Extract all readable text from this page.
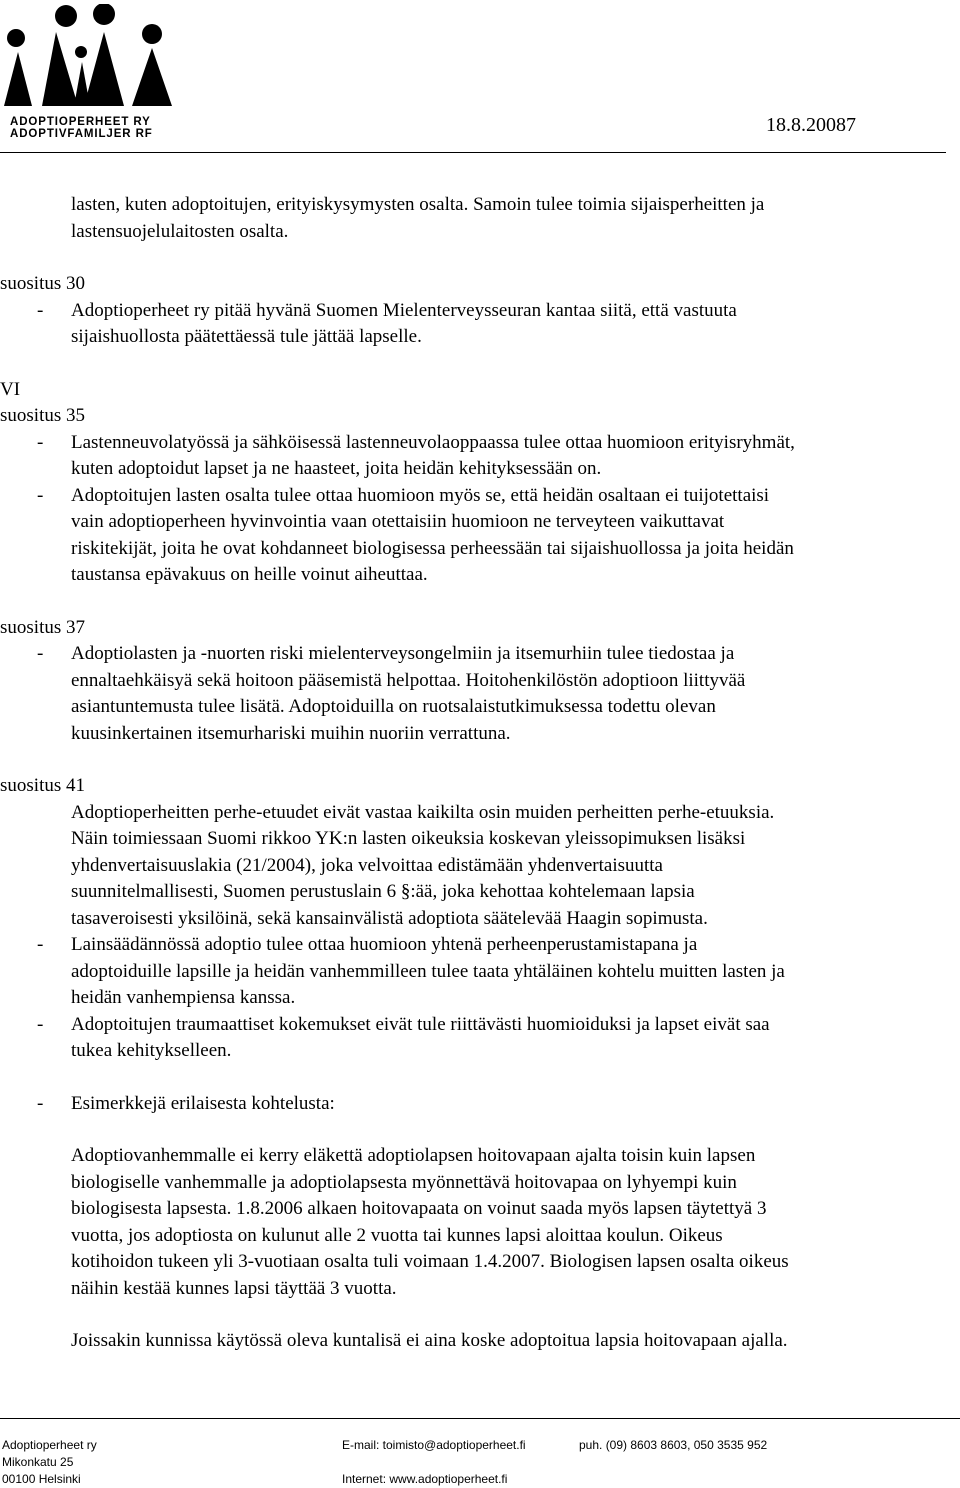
ADOPTIOPERHEET RY
ADOPTIVFAMILJER RF	18.8.20087
lasten, kuten adoptoitujen, erityiskysymysten osalta. Samoin tulee toimia sijaisperheitten ja
lastensuojelulaitosten osalta.
suositus 30
- Adoptioperheet ry pitää hyvänä Suomen Mielenterveysseuran kantaa siitä, että vastuuta
sijaishuollosta päätettäessä tule jättää lapselle.
VI
suositus 35
- Lastenneuvolatyössä ja sähköisessä lastenneuvolaoppaassa tulee ottaa huomioon erityisryhmät,
kuten adoptoidut lapset ja ne haasteet, joita heidän kehityksessään on.
- Adoptoitujen lasten osalta tulee ottaa huomioon myös se, että heidän osaltaan ei tuijotettaisi
vain adoptioperheen hyvinvointia vaan otettaisiin huomioon ne terveyteen vaikuttavat
riskitekijät, joita he ovat kohdanneet biologisessa perheessään tai sijaishuollossa ja joita heidän
taustansa epävakuus on heille voinut aiheuttaa.
suositus 37
- Adoptiolasten ja -nuorten riski mielenterveysongelmiin ja itsemurhiin tulee tiedostaa ja
ennaltaehkäisyä sekä hoitoon pääsemistä helpottaa. Hoitohenkilöstön adoptioon liittyvää
asiantuntemusta tulee lisätä. Adoptoiduilla on ruotsalaistutkimuksessa todettu olevan
kuusinkertainen itsemurhariski muihin nuoriin verrattuna.
suositus 41
Adoptioperheitten perhe-etuudet eivät vastaa kaikilta osin muiden perheitten perhe-etuuksia.
Näin toimiessaan Suomi rikkoo YK:n lasten oikeuksia koskevan yleissopimuksen lisäksi
yhdenvertaisuuslakia (21/2004), joka velvoittaa edistämään yhdenvertaisuutta
suunnitelmallisesti, Suomen perustuslain 6 §:ää, joka kehottaa kohtelemaan lapsia
tasaveroisesti yksilöinä, sekä kansainvälistä adoptiota säätelevää Haagin sopimusta.
- Lainsäädännössä adoptio tulee ottaa huomioon yhtenä perheenperustamistapana ja
adoptoiduille lapsille ja heidän vanhemmilleen tulee taata yhtäläinen kohtelu muitten lasten ja
heidän vanhempiensa kanssa.
- Adoptoitujen traumaattiset kokemukset eivät tule riittävästi huomioiduksi ja lapset eivät saa
tukea kehitykselleen.
- Esimerkkejä erilaisesta kohtelusta:
Adoptiovanhemmalle ei kerry eläkettä adoptiolapsen hoitovapaan ajalta toisin kuin lapsen
biologiselle vanhemmalle ja adoptiolapsesta myönnettävä hoitovapaa on lyhyempi kuin
biologisesta lapsesta. 1.8.2006 alkaen hoitovapaata on voinut saada myös lapsen täytettyä 3
vuotta, jos adoptiosta on kulunut alle 2 vuotta tai kunnes lapsi aloittaa koulun. Oikeus
kotihoidon tukeen yli 3-vuotiaan osalta tuli voimaan 1.4.2007. Biologisen lapsen osalta oikeus
näihin kestää kunnes lapsi täyttää 3 vuotta.
Joissakin kunnissa käytössä oleva kuntalisä ei aina koske adoptoitua lapsia hoitovapaan ajalla.
Adoptioperheet ry
Mikonkatu 25
00100 Helsinki
E-mail: toimisto@adoptioperheet.fi

Internet: www.adoptioperheet.fi
puh. (09) 8603 8603, 050 3535 952
